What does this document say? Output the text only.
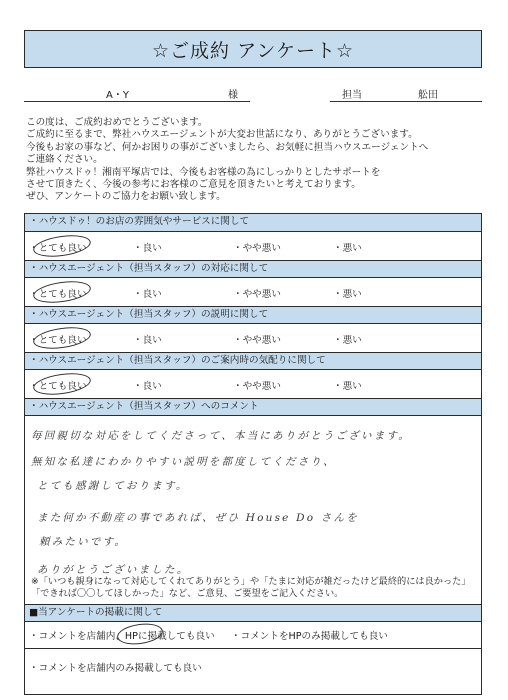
☆ご成約 アンケート☆
A・Y	様	担当	舩田
この度は、ご成約おめでとうございます。
ご成約に至るまで、弊社ハウスエージェントが大変お世話になり、ありがとうございます。
今後もお家の事など、何かお困りの事がございましたら、お気軽に担当ハウスエージェントへ
ご連絡ください。
弊社ハウスドゥ！湘南平塚店では、今後もお客様の為にしっかりとしたサポートを
させて頂きたく、今後の参考にお客様のご意見を頂きたいと考えております。
ぜひ、アンケートのご協力をお願い致します。
・ハウスドゥ！のお店の雰囲気やサービスに関して
・とても良い	・良い	・やや悪い	・悪い
・ハウスエージェント（担当スタッフ）の対応に関して
・とても良い	・良い	・やや悪い	・悪い
・ハウスエージェント（担当スタッフ）の説明に関して
・とても良い	・良い	・やや悪い	・悪い
・ハウスエージェント（担当スタッフ）のご案内時の気配りに関して
・とても良い	・良い	・やや悪い	・悪い
・ハウスエージェント（担当スタッフ）へのコメント
毎回親切な対応をしてくださって、本当にありがとうございます。
無知な私達にわかりやすい説明を都度してくださり、
とても感謝しております。
また何か不動産の事であれば、ぜひ House Do さんを
頼みたいです。
ありがとうございました。
※「いつも親身になって対応してくれてありがとう」や「たまに対応が雑だったけど最終的には良かった」
「できれば〇〇してほしかった」など、ご意見、ご要望をご記入ください。
■当アンケートの掲載に関して
・コメントを店舗内、HPに掲載しても良い ・コメントをHPのみ掲載しても良い
・コメントを店舗内のみ掲載しても良い
